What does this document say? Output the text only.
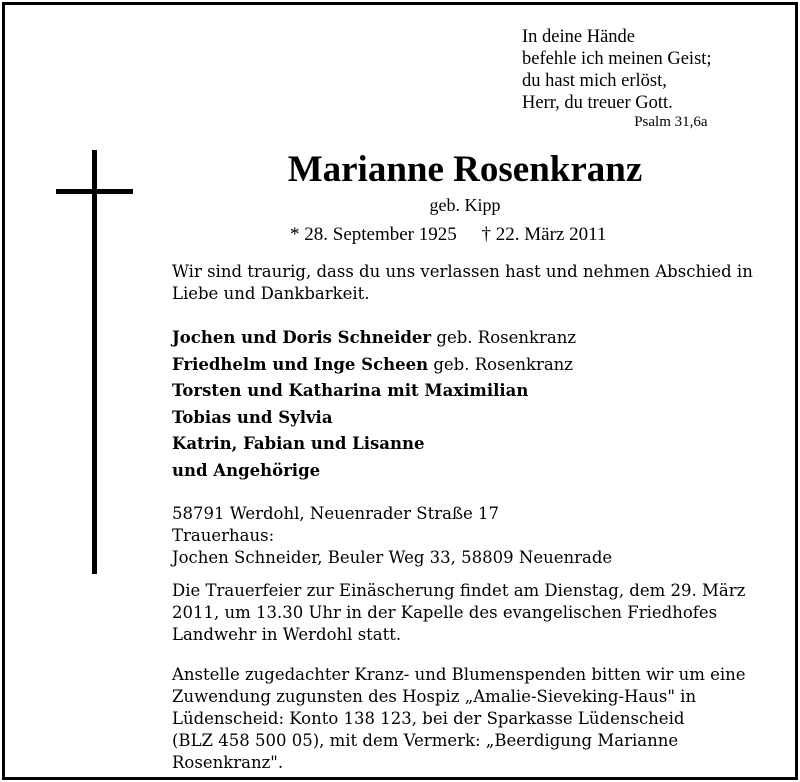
In deine Hände
befehle ich meinen Geist;
du hast mich erlöst,
Herr, du treuer Gott.
Psalm 31,6a
Marianne Rosenkranz
geb. Kipp
* 28. September 1925 † 22. März 2011
Wir sind traurig, dass du uns verlassen hast und nehmen Abschied in
Liebe und Dankbarkeit.
Jochen und Doris Schneider geb. Rosenkranz
Friedhelm und Inge Scheen geb. Rosenkranz
Torsten und Katharina mit Maximilian
Tobias und Sylvia
Katrin, Fabian und Lisanne
und Angehörige
58791 Werdohl, Neuenrader Straße 17
Trauerhaus:
Jochen Schneider, Beuler Weg 33, 58809 Neuenrade
Die Trauerfeier zur Einäscherung findet am Dienstag, dem 29. März
2011, um 13.30 Uhr in der Kapelle des evangelischen Friedhofes
Landwehr in Werdohl statt.
Anstelle zugedachter Kranz- und Blumenspenden bitten wir um eine
Zuwendung zugunsten des Hospiz „Amalie-Sieveking-Haus" in
Lüdenscheid: Konto 138 123, bei der Sparkasse Lüdenscheid
(BLZ 458 500 05), mit dem Vermerk: „Beerdigung Marianne
Rosenkranz".
